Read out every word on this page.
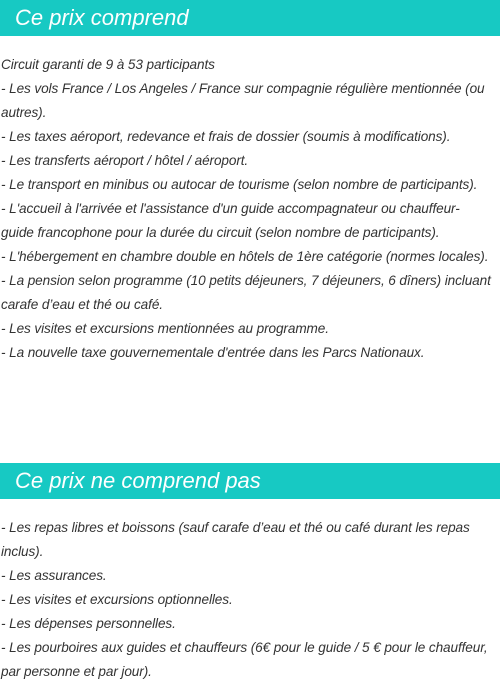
Ce prix comprend
Circuit garanti de 9 à 53 participants
- Les vols France / Los Angeles / France sur compagnie régulière mentionnée (ou autres).
- Les taxes aéroport, redevance et frais de dossier (soumis à modifications).
- Les transferts aéroport / hôtel / aéroport.
- Le transport en minibus ou autocar de tourisme (selon nombre de participants).
- L'accueil à l'arrivée et l'assistance d'un guide accompagnateur ou chauffeur-guide francophone pour la durée du circuit (selon nombre de participants).
- L'hébergement en chambre double en hôtels de 1ère catégorie (normes locales).
- La pension selon programme (10 petits déjeuners, 7 déjeuners, 6 dîners) incluant carafe d’eau et thé ou café.
- Les visites et excursions mentionnées au programme.
- La nouvelle taxe gouvernementale d'entrée dans les Parcs Nationaux.
Ce prix ne comprend pas
- Les repas libres et boissons (sauf carafe d’eau et thé ou café durant les repas inclus).
- Les assurances.
- Les visites et excursions optionnelles.
- Les dépenses personnelles.
- Les pourboires aux guides et chauffeurs (6€ pour le guide / 5 € pour le chauffeur, par personne et par jour).
